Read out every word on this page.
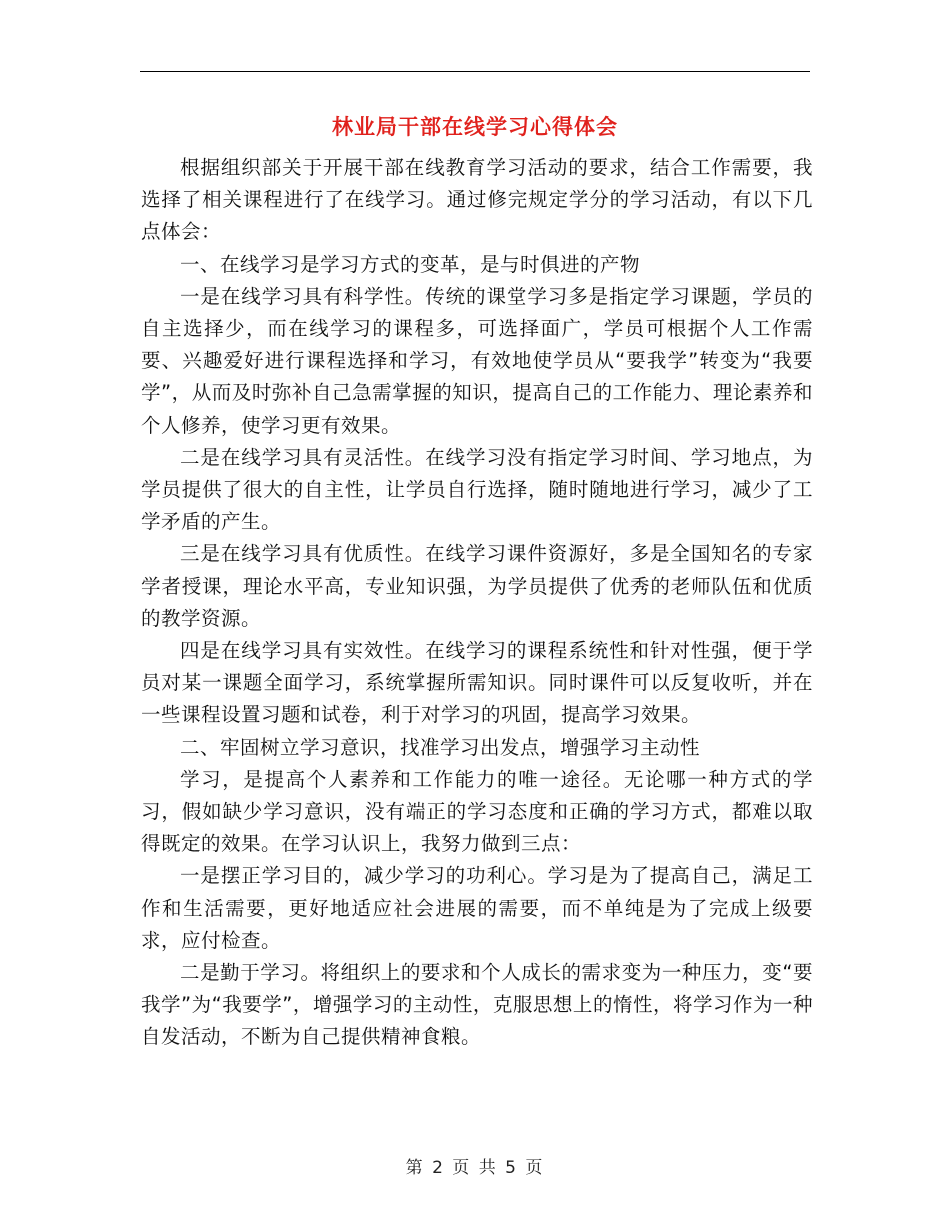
林业局干部在线学习心得体会

根据组织部关于开展干部在线教育学习活动的要求，结合工作需要，我选择了相关课程进行了在线学习。通过修完规定学分的学习活动，有以下几点体会：

一、在线学习是学习方式的变革，是与时俱进的产物

一是在线学习具有科学性。传统的课堂学习多是指定学习课题，学员的自主选择少，而在线学习的课程多，可选择面广，学员可根据个人工作需要、兴趣爱好进行课程选择和学习，有效地使学员从“要我学”转变为“我要学”，从而及时弥补自己急需掌握的知识，提高自己的工作能力、理论素养和个人修养，使学习更有效果。

二是在线学习具有灵活性。在线学习没有指定学习时间、学习地点，为学员提供了很大的自主性，让学员自行选择，随时随地进行学习，减少了工学矛盾的产生。

三是在线学习具有优质性。在线学习课件资源好，多是全国知名的专家学者授课，理论水平高，专业知识强，为学员提供了优秀的老师队伍和优质的教学资源。

四是在线学习具有实效性。在线学习的课程系统性和针对性强，便于学员对某一课题全面学习，系统掌握所需知识。同时课件可以反复收听，并在一些课程设置习题和试卷，利于对学习的巩固，提高学习效果。

二、牢固树立学习意识，找准学习出发点，增强学习主动性

学习，是提高个人素养和工作能力的唯一途径。无论哪一种方式的学习，假如缺少学习意识，没有端正的学习态度和正确的学习方式，都难以取得既定的效果。在学习认识上，我努力做到三点：

一是摆正学习目的，减少学习的功利心。学习是为了提高自己，满足工作和生活需要，更好地适应社会进展的需要，而不单纯是为了完成上级要求，应付检查。

二是勤于学习。将组织上的要求和个人成长的需求变为一种压力，变“要我学”为“我要学”，增强学习的主动性，克服思想上的惰性，将学习作为一种自发活动，不断为自己提供精神食粮。

第 2 页 共 5 页
